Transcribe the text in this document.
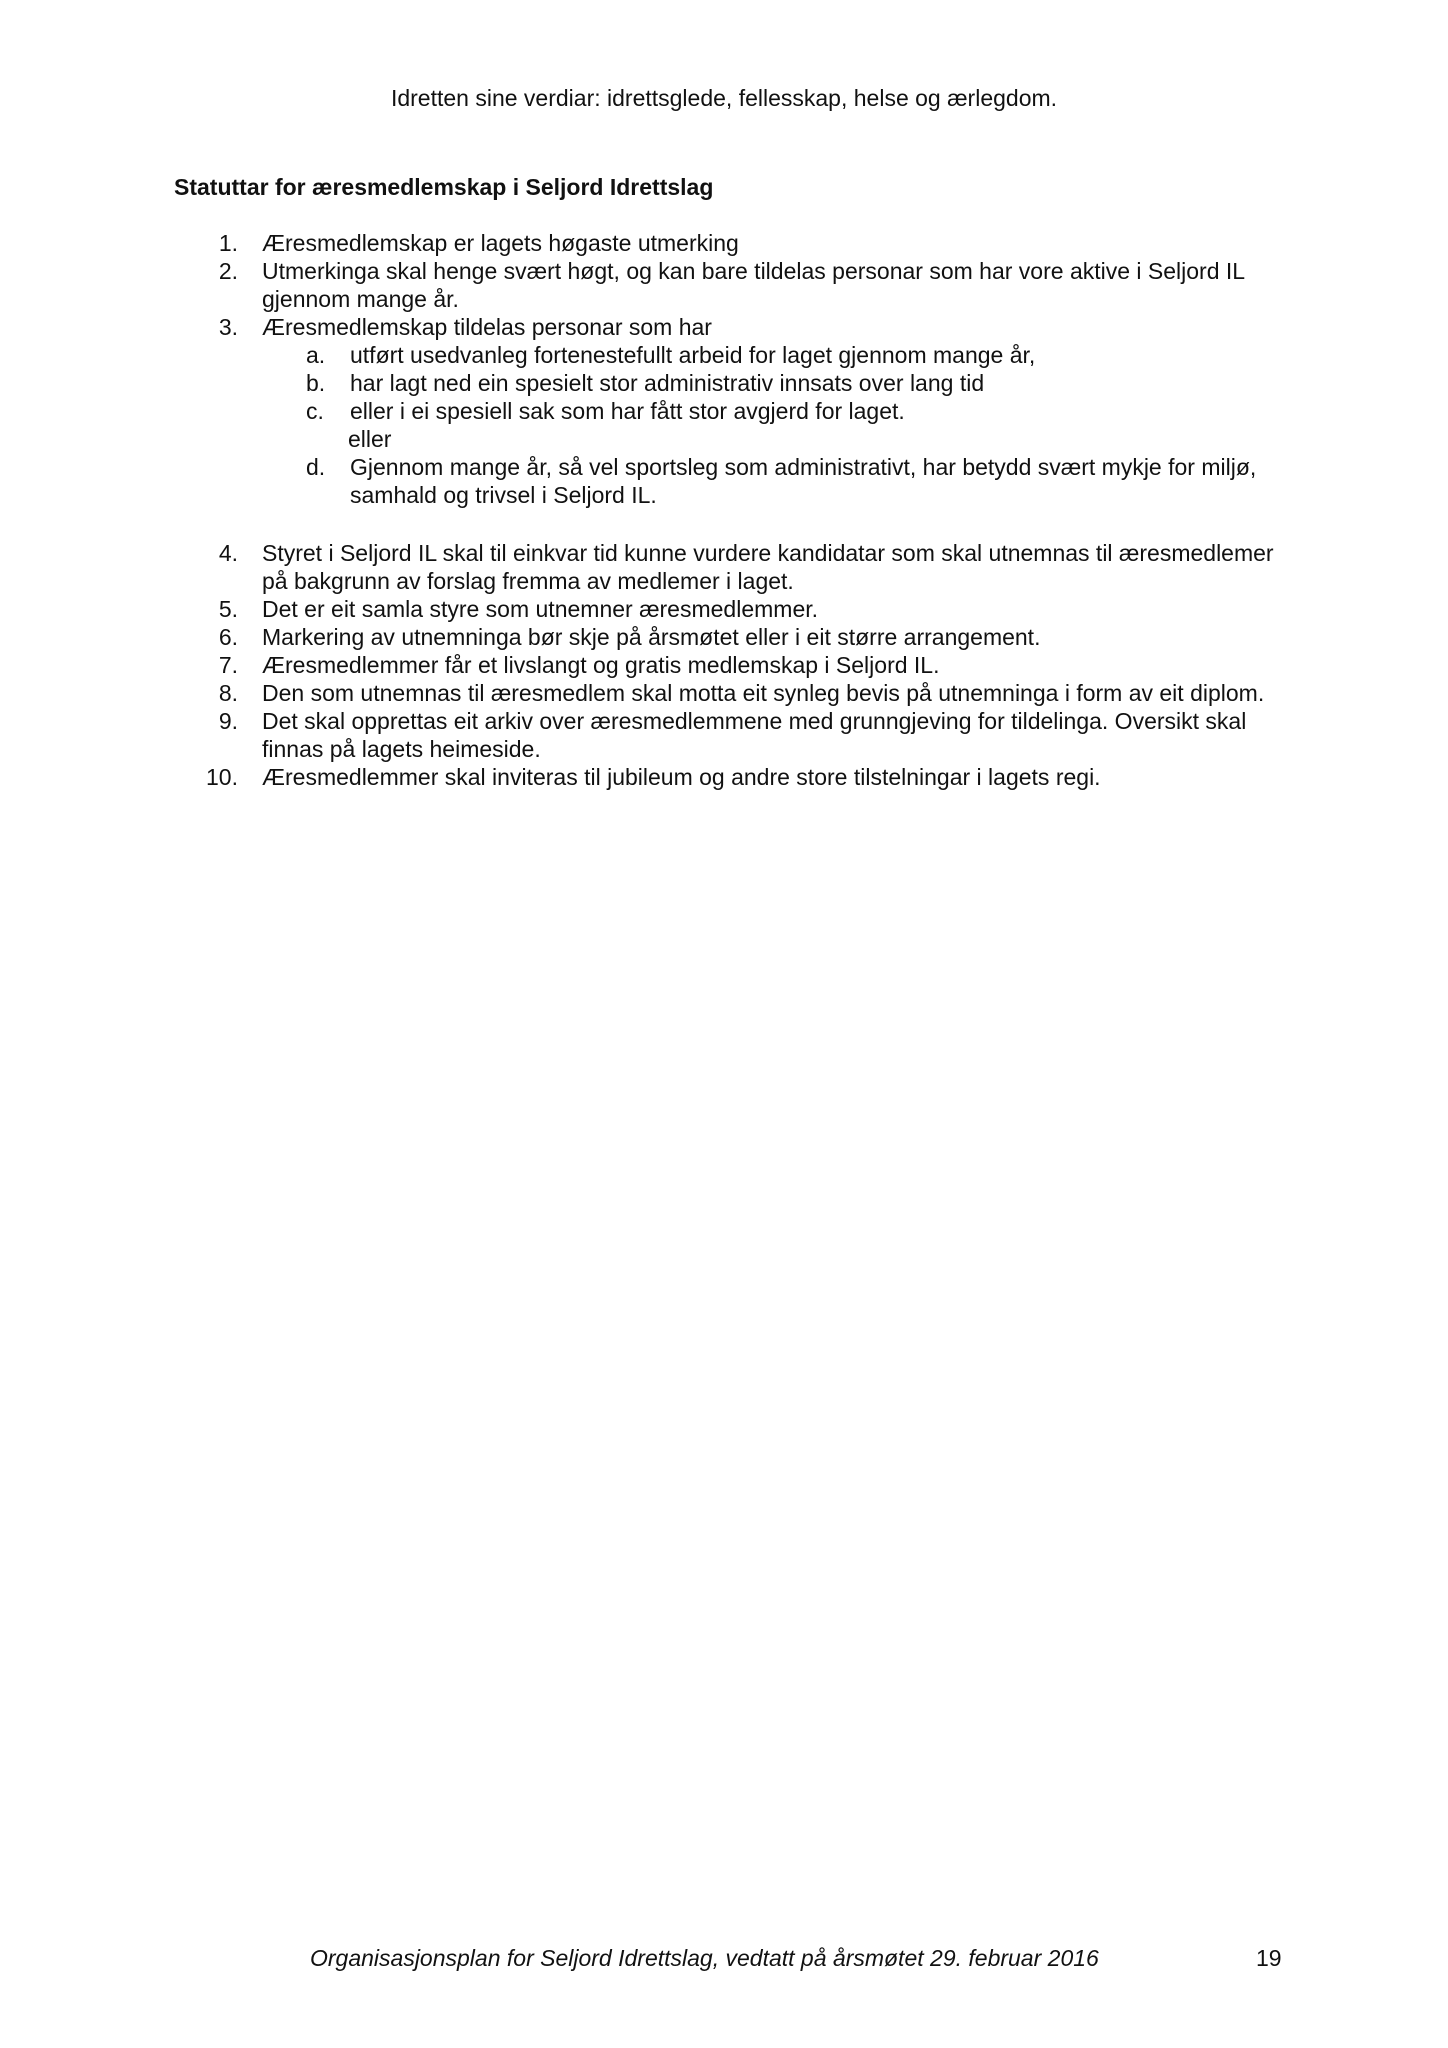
Idretten sine verdiar: idrettsglede, fellesskap, helse og ærlegdom.
Statuttar for æresmedlemskap i Seljord Idrettslag
1. Æresmedlemskap er lagets høgaste utmerking
2. Utmerkinga skal henge svært høgt, og kan bare tildelas personar som har vore aktive i Seljord IL gjennom mange år.
3. Æresmedlemskap tildelas personar som har
a.	utført usedvanleg fortenestefullt arbeid for laget gjennom mange år,
b.	har lagt ned ein spesielt stor administrativ innsats over lang tid
c.	eller i ei spesiell sak som har fått stor avgjerd for laget.
eller
d.	Gjennom mange år, så vel sportsleg som administrativt, har betydd svært mykje for miljø, samhald og trivsel i Seljord IL.
4. Styret i Seljord IL skal til einkvar tid kunne vurdere kandidatar som skal utnemnas til æresmedlemer på bakgrunn av forslag fremma av medlemer i laget.
5. Det er eit samla styre som utnemner æresmedlemmer.
6. Markering av utnemninga bør skje på årsmøtet eller i eit større arrangement.
7. Æresmedlemmer får et livslangt og gratis medlemskap i Seljord IL.
8. Den som utnemnas til æresmedlem skal motta eit synleg bevis på utnemninga i form av eit diplom.
9. Det skal opprettas eit arkiv over æresmedlemmene med grunngjeving for tildelinga. Oversikt skal finnas på lagets heimeside.
10. Æresmedlemmer skal inviteras til jubileum og andre store tilstelningar i lagets regi.
Organisasjonsplan for Seljord Idrettslag, vedtatt på årsmøtet 29. februar 2016	19
